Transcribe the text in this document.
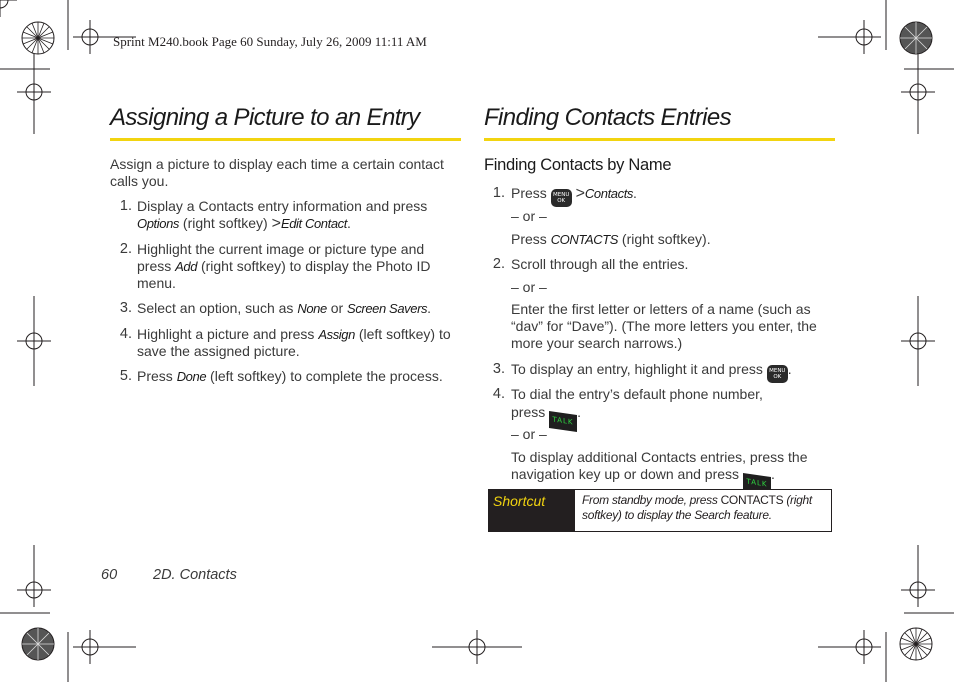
Sprint M240.book Page 60 Sunday, July 26, 2009 11:11 AM
Assigning a Picture to an Entry
Assign a picture to display each time a certain contact
calls you.
1. Display a Contacts entry information and press
Options (right softkey) >Edit Contact.
2. Highlight the current image or picture type and
press Add (right softkey) to display the Photo ID
menu.
3. Select an option, such as None or Screen Savers.
4. Highlight a picture and press Assign (left softkey) to
save the assigned picture.
5. Press Done (left softkey) to complete the process.
Finding Contacts Entries
Finding Contacts by Name
1. Press MENU
OK >Contacts.
– or –
Press CONTACTS (right softkey).
2. Scroll through all the entries.
– or –
Enter the first letter or letters of a name (such as
“dav” for “Dave”). (The more letters you enter, the
more your search narrows.)
3. To display an entry, highlight it and press MENU
OK .
4. To dial the entry’s default phone number,
press TALK.
– or –
To display additional Contacts entries, press the
navigation key up or down and press TALK.
Shortcut	From standby mode, press CONTACTS (right
softkey) to display the Search feature.
60 2D. Contacts
